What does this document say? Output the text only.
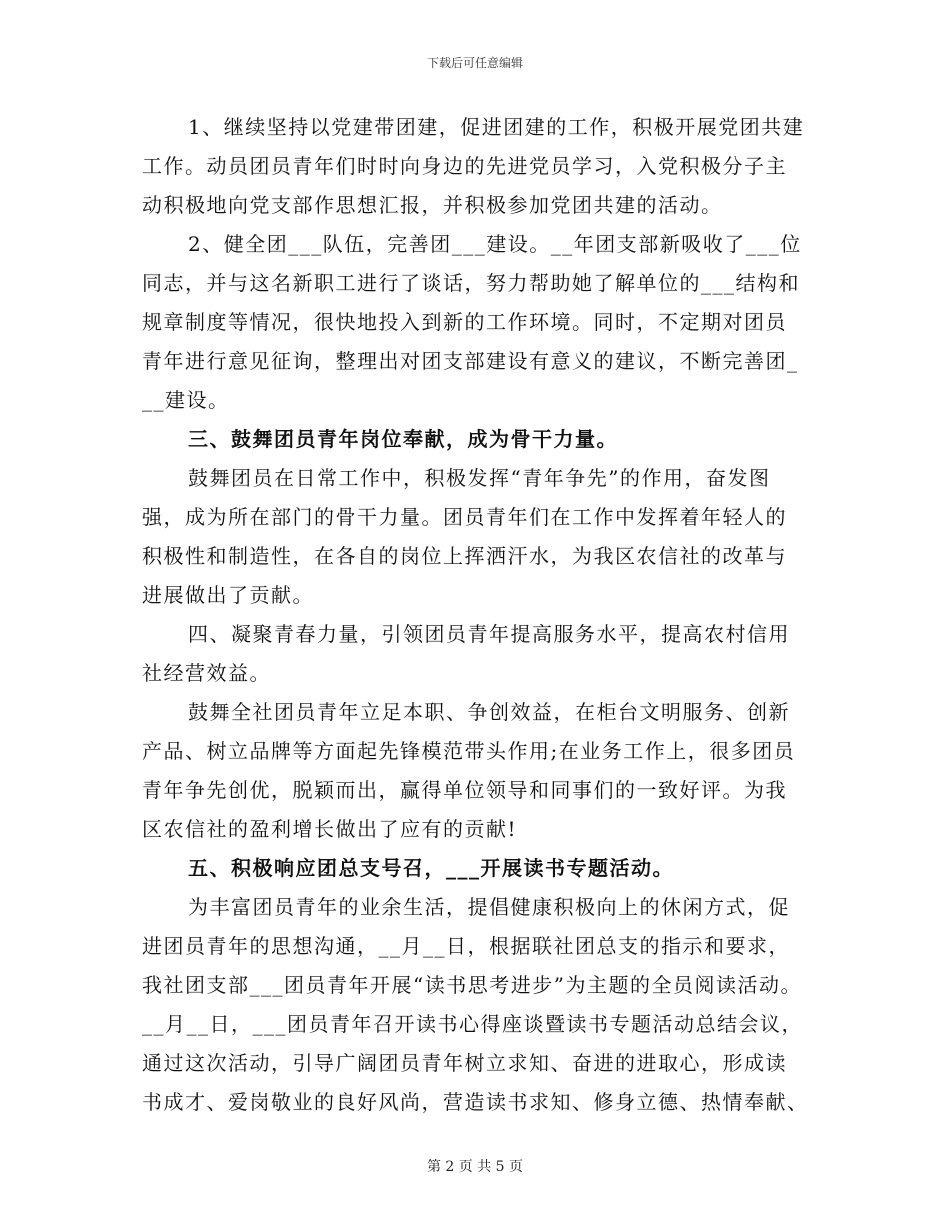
下载后可任意编辑
1、继续坚持以党建带团建，促进团建的工作，积极开展党团共建
工作。动员团员青年们时时向身边的先进党员学习，入党积极分子主
动积极地向党支部作思想汇报，并积极参加党团共建的活动。
2、健全团___队伍，完善团___建设。__年团支部新吸收了___位
同志，并与这名新职工进行了谈话，努力帮助她了解单位的___结构和
规章制度等情况，很快地投入到新的工作环境。同时，不定期对团员
青年进行意见征询，整理出对团支部建设有意义的建议，不断完善团_
__建设。
三、鼓舞团员青年岗位奉献，成为骨干力量。
鼓舞团员在日常工作中，积极发挥“青年争先”的作用，奋发图
强，成为所在部门的骨干力量。团员青年们在工作中发挥着年轻人的
积极性和制造性，在各自的岗位上挥洒汗水，为我区农信社的改革与
进展做出了贡献。
四、凝聚青春力量，引领团员青年提高服务水平，提高农村信用
社经营效益。
鼓舞全社团员青年立足本职、争创效益，在柜台文明服务、创新
产品、树立品牌等方面起先锋模范带头作用;在业务工作上，很多团员
青年争先创优，脱颖而出，赢得单位领导和同事们的一致好评。为我
区农信社的盈利增长做出了应有的贡献!
五、积极响应团总支号召，___开展读书专题活动。
为丰富团员青年的业余生活，提倡健康积极向上的休闲方式，促
进团员青年的思想沟通，__月__日，根据联社团总支的指示和要求，
我社团支部___团员青年开展“读书思考进步”为主题的全员阅读活动。
__月__日，___团员青年召开读书心得座谈暨读书专题活动总结会议，
通过这次活动，引导广阔团员青年树立求知、奋进的进取心，形成读
书成才、爱岗敬业的良好风尚，营造读书求知、修身立德、热情奉献、
第 2 页 共 5 页
